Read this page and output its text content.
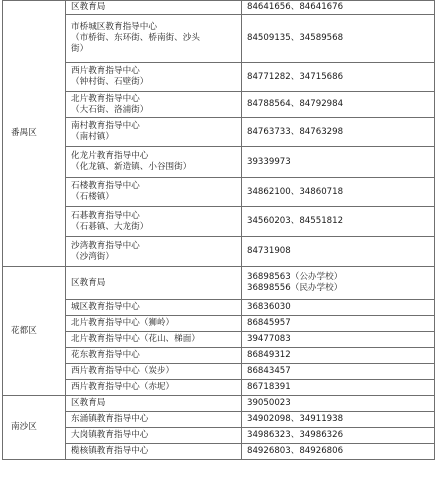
番禺区	区教育局	84641656、84641676

	市桥城区教育指导中心
（市桥街、东环街、桥南街、沙头
街）	84509135、34589568

	西片教育指导中心
（钟村街、石壁街）	84771282、34715686

	北片教育指导中心
（大石街、洛浦街）	84788564、84792984

	南村教育指导中心
（南村镇）	84763733、84763298

	化龙片教育指导中心
（化龙镇、新造镇、小谷围街）	39339973

	石楼教育指导中心
（石楼镇）	34862100、34860718

	石碁教育指导中心
（石碁镇、大龙街）	34560203、84551812

	沙湾教育指导中心
（沙湾街）	84731908

花都区	区教育局	36898563（公办学校）
36898556（民办学校）

	城区教育指导中心	36836030

	北片教育指导中心（狮岭）	86845957

	北片教育指导中心（花山、梯面）	39477083

	花东教育指导中心	86849312

	西片教育指导中心（炭步）	86843457

	西片教育指导中心（赤坭）	86718391

南沙区	区教育局	39050023

	东涌镇教育指导中心	34902098、34911938

	大岗镇教育指导中心	34986323、34986326

	榄核镇教育指导中心	84926803、84926806
